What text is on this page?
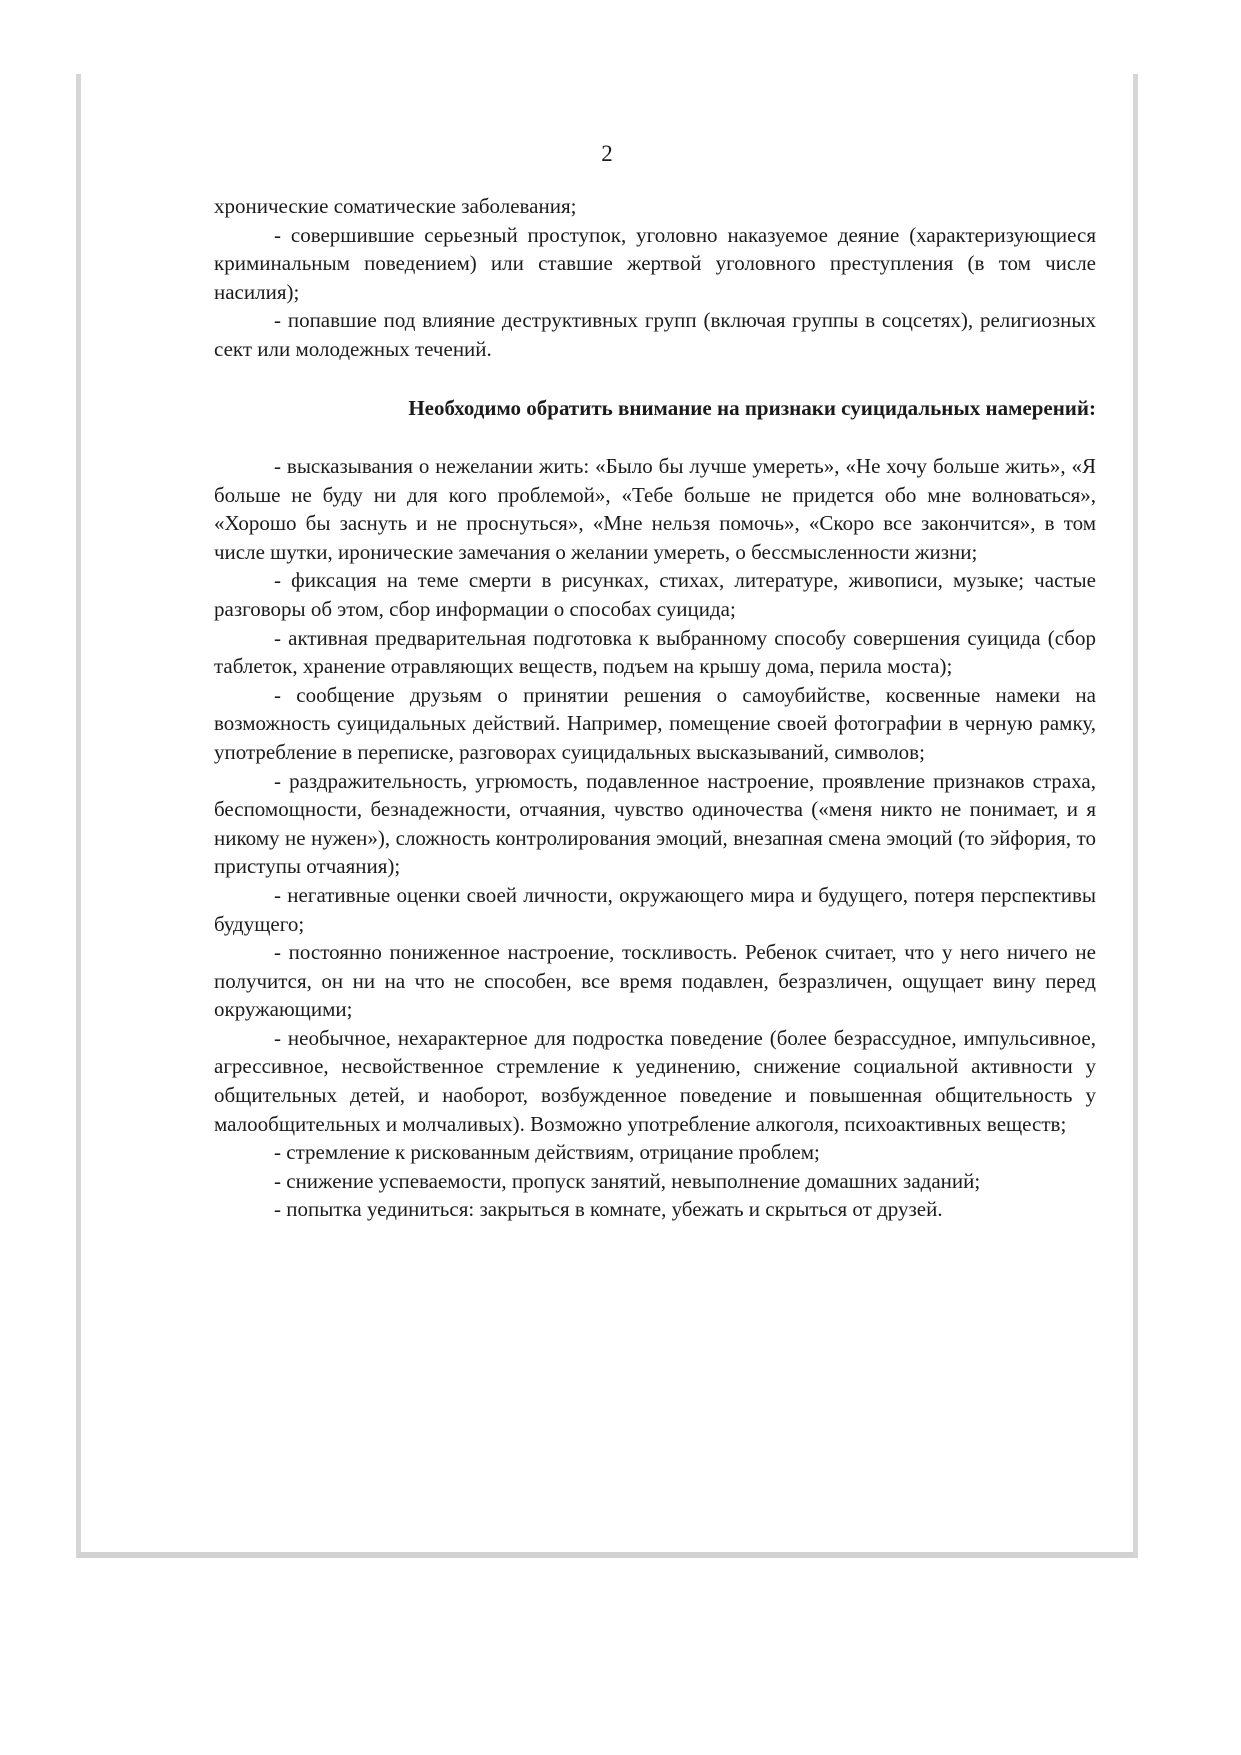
2

хронические соматические заболевания;

- совершившие серьезный проступок, уголовно наказуемое деяние (характеризующиеся криминальным поведением) или ставшие жертвой уголовного преступления (в том числе насилия);

- попавшие под влияние деструктивных групп (включая группы в соцсетях), религиозных сект или молодежных течений.

Необходимо обратить внимание на признаки суицидальных намерений:

- высказывания о нежелании жить: «Было бы лучше умереть», «Не хочу больше жить», «Я больше не буду ни для кого проблемой», «Тебе больше не придется обо мне волноваться», «Хорошо бы заснуть и не проснуться», «Мне нельзя помочь», «Скоро все закончится», в том числе шутки, иронические замечания о желании умереть, о бессмысленности жизни;

- фиксация на теме смерти в рисунках, стихах, литературе, живописи, музыке; частые разговоры об этом, сбор информации о способах суицида;

- активная предварительная подготовка к выбранному способу совершения суицида (сбор таблеток, хранение отравляющих веществ, подъем на крышу дома, перила моста);

- сообщение друзьям о принятии решения о самоубийстве, косвенные намеки на возможность суицидальных действий. Например, помещение своей фотографии в черную рамку, употребление в переписке, разговорах суицидальных высказываний, символов;

- раздражительность, угрюмость, подавленное настроение, проявление признаков страха, беспомощности, безнадежности, отчаяния, чувство одиночества («меня никто не понимает, и я никому не нужен»), сложность контролирования эмоций, внезапная смена эмоций (то эйфория, то приступы отчаяния);

- негативные оценки своей личности, окружающего мира и будущего, потеря перспективы будущего;

- постоянно пониженное настроение, тоскливость. Ребенок считает, что у него ничего не получится, он ни на что не способен, все время подавлен, безразличен, ощущает вину перед окружающими;

- необычное, нехарактерное для подростка поведение (более безрассудное, импульсивное, агрессивное, несвойственное стремление к уединению, снижение социальной активности у общительных детей, и наоборот, возбужденное поведение и повышенная общительность у малообщительных и молчаливых). Возможно употребление алкоголя, психоактивных веществ;

- стремление к рискованным действиям, отрицание проблем;

- снижение успеваемости, пропуск занятий, невыполнение домашних заданий;

- попытка уединиться: закрыться в комнате, убежать и скрыться от друзей.
